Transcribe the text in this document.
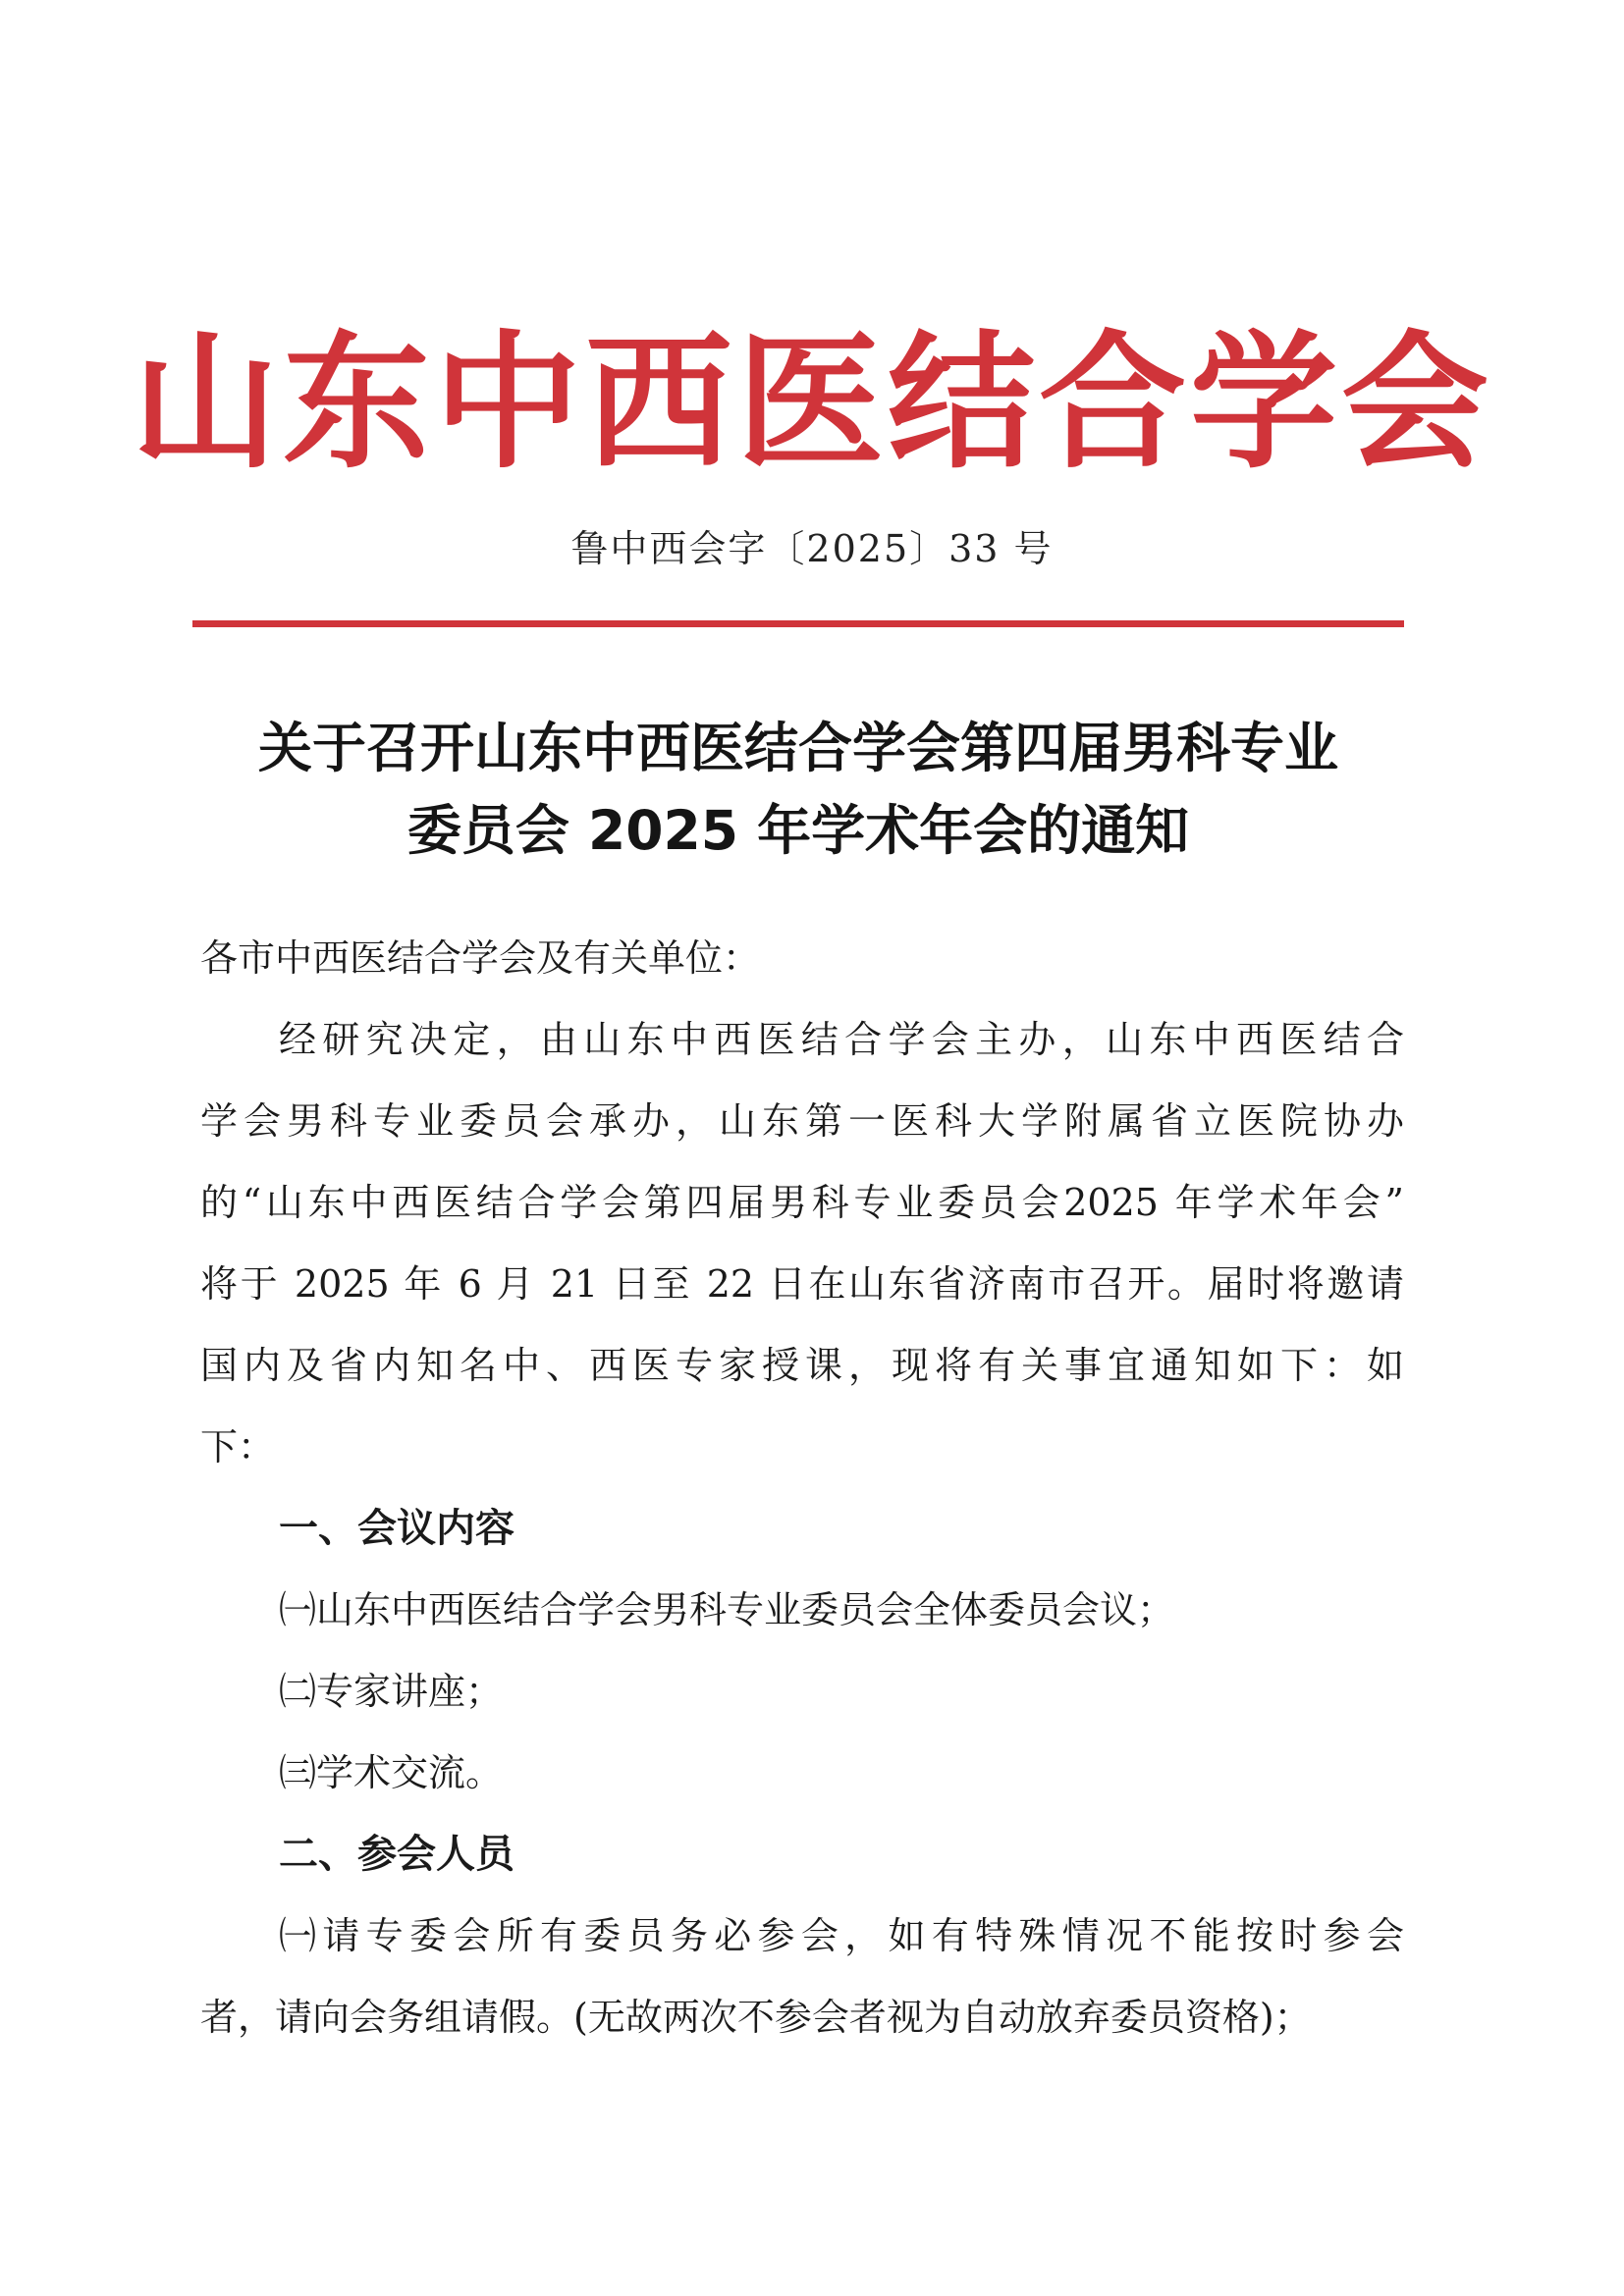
山东中西医结合学会
鲁中西会字〔2025〕33 号
关于召开山东中西医结合学会第四届男科专业
委员会 2025 年学术年会的通知
各市中西医结合学会及有关单位：
经研究决定，由山东中西医结合学会主办，山东中西医结合
学会男科专业委员会承办，山东第一医科大学附属省立医院协办
的“山东中西医结合学会第四届男科专业委员会2025 年学术年会”
将于 2025 年 6 月 21 日至 22 日在山东省济南市召开。届时将邀请
国内及省内知名中、西医专家授课，现将有关事宜通知如下：如
下：
一、会议内容
㈠山东中西医结合学会男科专业委员会全体委员会议；
㈡专家讲座；
㈢学术交流。
二、参会人员
㈠请专委会所有委员务必参会，如有特殊情况不能按时参会
者，请向会务组请假。(无故两次不参会者视为自动放弃委员资格)；
